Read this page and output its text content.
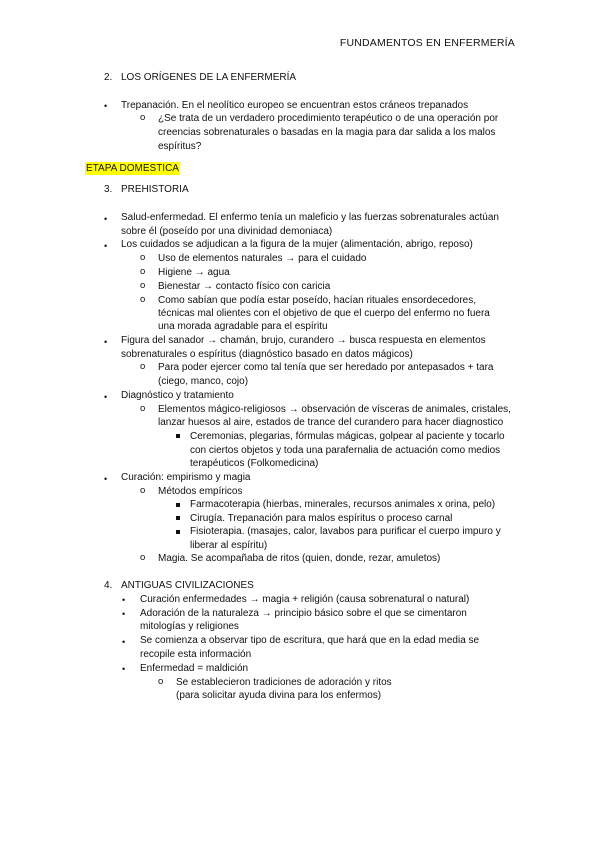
FUNDAMENTOS EN ENFERMERÍA
2. LOS ORÍGENES DE LA ENFERMERÍA
• Trepanación. En el neolítico europeo se encuentran estos cráneos trepanados
o ¿Se trata de un verdadero procedimiento terapéutico o de una operación por
creencias sobrenaturales o basadas en la magia para dar salida a los malos
espíritus?
ETAPA DOMESTICA
3. PREHISTORIA
• Salud-enfermedad. El enfermo tenía un maleficio y las fuerzas sobrenaturales actúan
sobre él (poseído por una divinidad demoniaca)
• Los cuidados se adjudican a la figura de la mujer (alimentación, abrigo, reposo)
o Uso de elementos naturales → para el cuidado
o Higiene → agua
o Bienestar → contacto físico con caricia
o Como sabían que podía estar poseído, hacían rituales ensordecedores,
técnicas mal olientes con el objetivo de que el cuerpo del enfermo no fuera
una morada agradable para el espíritu
• Figura del sanador → chamán, brujo, curandero → busca respuesta en elementos
sobrenaturales o espíritus (diagnóstico basado en datos mágicos)
o Para poder ejercer como tal tenía que ser heredado por antepasados + tara
(ciego, manco, cojo)
• Diagnóstico y tratamiento
o Elementos mágico-religiosos → observación de vísceras de animales, cristales,
lanzar huesos al aire, estados de trance del curandero para hacer diagnostico
Ceremonias, plegarias, fórmulas mágicas, golpear al paciente y tocarlo
con ciertos objetos y toda una parafernalia de actuación como medios
terapéuticos (Folkomedicina)
• Curación: empirismo y magia
o Métodos empíricos
Farmacoterapia (hierbas, minerales, recursos animales x orina, pelo)
Cirugía. Trepanación para malos espíritus o proceso carnal
Fisioterapia. (masajes, calor, lavabos para purificar el cuerpo impuro y
liberar al espíritu)
o Magia. Se acompañaba de ritos (quien, donde, rezar, amuletos)
4. ANTIGUAS CIVILIZACIONES
• Curación enfermedades → magia + religión (causa sobrenatural o natural)
• Adoración de la naturaleza → principio básico sobre el que se cimentaron
mitologías y religiones
• Se comienza a observar tipo de escritura, que hará que en la edad media se
recopile esta información
• Enfermedad = maldición
o Se establecieron tradiciones de adoración y ritos
(para solicitar ayuda divina para los enfermos)
